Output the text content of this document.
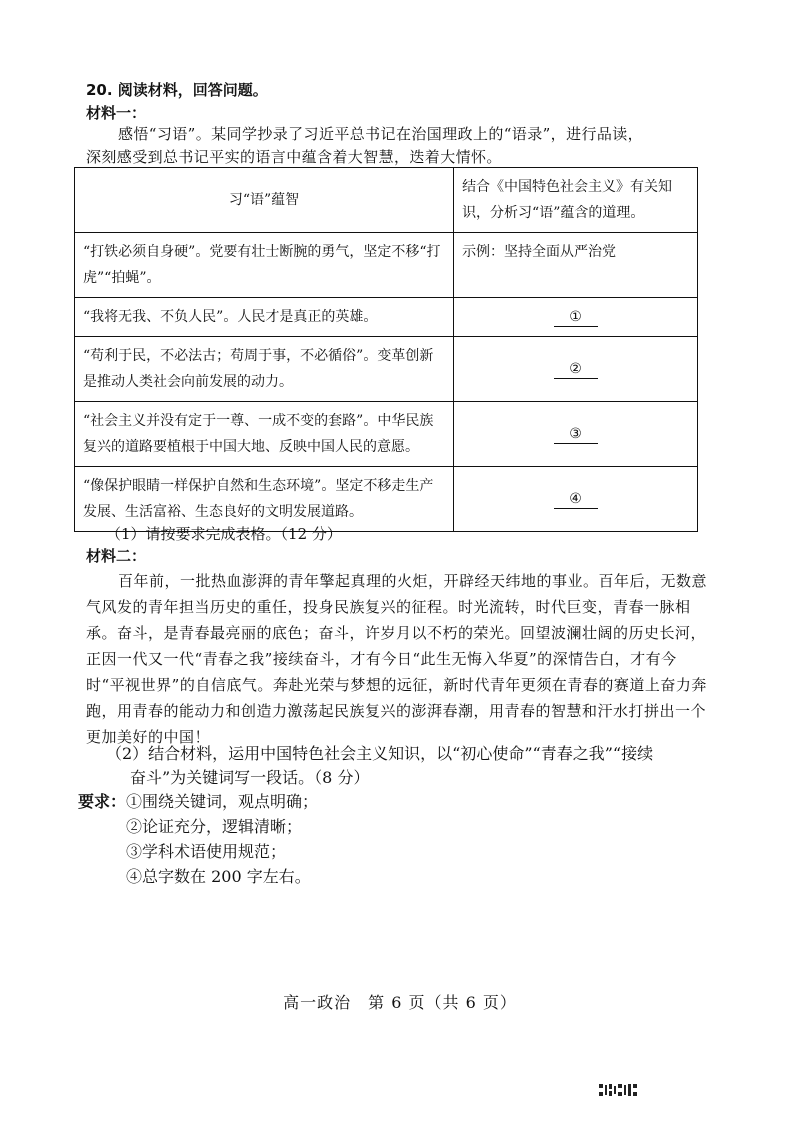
20. 阅读材料，回答问题。
材料一：
感悟“习语”。某同学抄录了习近平总书记在治国理政上的“语录”，进行品读，
深刻感受到总书记平实的语言中蕴含着大智慧，迭着大情怀。
习“语”蕴智	结合《中国特色社会主义》有关知识，分析习“语”蕴含的道理。
“打铁必须自身硬”。党要有壮士断腕的勇气，坚定不移“打虎”“拍蝇”。	示例：坚持全面从严治党
“我将无我、不负人民”。人民才是真正的英雄。	①
“苟利于民，不必法古；苟周于事，不必循俗”。变革创新是推动人类社会向前发展的动力。	②
“社会主义并没有定于一尊、一成不变的套路”。中华民族复兴的道路要植根于中国大地、反映中国人民的意愿。	③
“像保护眼睛一样保护自然和生态环境”。坚定不移走生产发展、生活富裕、生态良好的文明发展道路。	④
（1）请按要求完成表格。（12 分）
材料二：
百年前，一批热血澎湃的青年擎起真理的火炬，开辟经天纬地的事业。百年后，无数意气风发的青年担当历史的重任，投身民族复兴的征程。时光流转，时代巨变，青春一脉相承。奋斗，是青春最亮丽的底色；奋斗，许岁月以不朽的荣光。回望波澜壮阔的历史长河，正因一代又一代“青春之我”接续奋斗，才有今日“此生无悔入华夏”的深情告白，才有今时“平视世界”的自信底气。奔赴光荣与梦想的远征，新时代青年更须在青春的赛道上奋力奔跑，用青春的能动力和创造力激荡起民族复兴的澎湃春潮，用青春的智慧和汗水打拼出一个更加美好的中国！
（2）结合材料，运用中国特色社会主义知识，以“初心使命”“青春之我”“接续
奋斗”为关键词写一段话。（8 分）
要求： ①围绕关键词，观点明确；
②论证充分，逻辑清晰；
③学科术语使用规范；
④总字数在 200 字左右。
高一政治　第 6 页（共 6 页）
